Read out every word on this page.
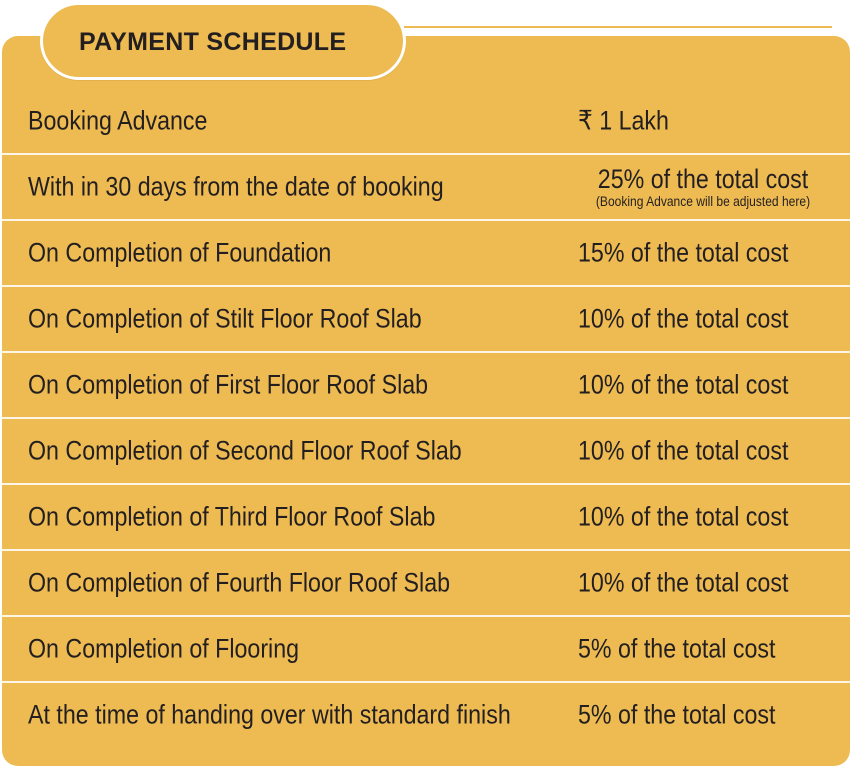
PAYMENT SCHEDULE
Booking Advance	₹ 1 Lakh
With in 30 days from the date of booking	25% of the total cost
(Booking Advance will be adjusted here)
On Completion of Foundation	15% of the total cost
On Completion of Stilt Floor Roof Slab	10% of the total cost
On Completion of First Floor Roof Slab	10% of the total cost
On Completion of Second Floor Roof Slab	10% of the total cost
On Completion of Third Floor Roof Slab	10% of the total cost
On Completion of Fourth Floor Roof Slab	10% of the total cost
On Completion of Flooring	5% of the total cost
At the time of handing over with standard finish 5% of the total cost
